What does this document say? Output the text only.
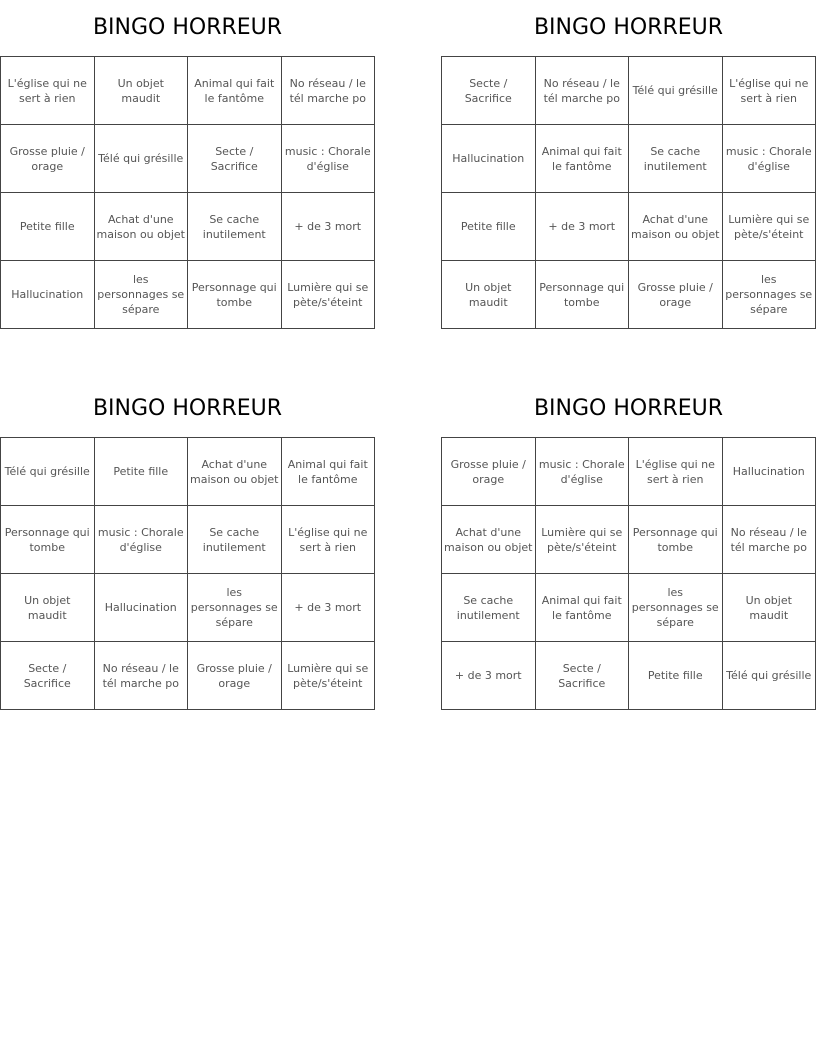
BINGO HORREUR
L'église qui ne sert à rien	Un objet maudit	Animal qui fait le fantôme	No réseau / le tél marche po
Grosse pluie / orage	Télé qui grésille	Secte / Sacrifice	music : Chorale d'église
Petite fille	Achat d'une maison ou objet	Se cache inutilement	+ de 3 mort
Hallucination	les personnages se sépare	Personnage qui tombe	Lumière qui se pète/s'éteint
BINGO HORREUR
Secte / Sacrifice	No réseau / le tél marche po	Télé qui grésille	L'église qui ne sert à rien
Hallucination	Animal qui fait le fantôme	Se cache inutilement	music : Chorale d'église
Petite fille	+ de 3 mort	Achat d'une maison ou objet	Lumière qui se pète/s'éteint
Un objet maudit	Personnage qui tombe	Grosse pluie / orage	les personnages se sépare
BINGO HORREUR
Télé qui grésille	Petite fille	Achat d'une maison ou objet	Animal qui fait le fantôme
Personnage qui tombe	music : Chorale d'église	Se cache inutilement	L'église qui ne sert à rien
Un objet maudit	Hallucination	les personnages se sépare	+ de 3 mort
Secte / Sacrifice	No réseau / le tél marche po	Grosse pluie / orage	Lumière qui se pète/s'éteint
BINGO HORREUR
Grosse pluie / orage	music : Chorale d'église	L'église qui ne sert à rien	Hallucination
Achat d'une maison ou objet	Lumière qui se pète/s'éteint	Personnage qui tombe	No réseau / le tél marche po
Se cache inutilement	Animal qui fait le fantôme	les personnages se sépare	Un objet maudit
+ de 3 mort	Secte / Sacrifice	Petite fille	Télé qui grésille
